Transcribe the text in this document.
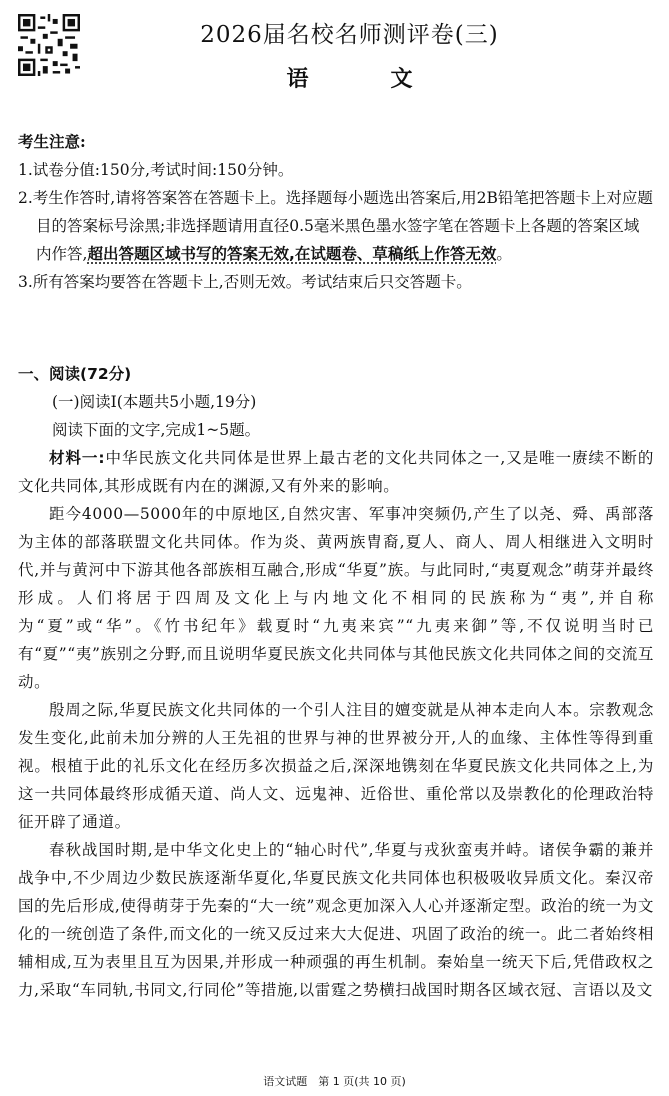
2026届名校名师测评卷(三)
语　文
考生注意:
1.试卷分值:150分,考试时间:150分钟。
2.考生作答时,请将答案答在答题卡上。选择题每小题选出答案后,用2B铅笔把答题卡上对应题目的答案标号涂黑;非选择题请用直径0.5毫米黑色墨水签字笔在答题卡上各题的答案区域内作答,超出答题区域书写的答案无效,在试题卷、草稿纸上作答无效。
3.所有答案均要答在答题卡上,否则无效。考试结束后只交答题卡。
一、阅读(72分)
(一)阅读Ⅰ(本题共5小题,19分)
阅读下面的文字,完成1~5题。
材料一:中华民族文化共同体是世界上最古老的文化共同体之一,又是唯一赓续不断的文化共同体,其形成既有内在的渊源,又有外来的影响。
距今4000—5000年的中原地区,自然灾害、军事冲突频仍,产生了以尧、舜、禹部落为主体的部落联盟文化共同体。作为炎、黄两族胄裔,夏人、商人、周人相继进入文明时代,并与黄河中下游其他各部族相互融合,形成“华夏”族。与此同时,“夷夏观念”萌芽并最终形成。人们将居于四周及文化上与内地文化不相同的民族称为“夷”,并自称为“夏”或“华”。《竹书纪年》载夏时“九夷来宾”“九夷来御”等,不仅说明当时已有“夏”“夷”族别之分野,而且说明华夏民族文化共同体与其他民族文化共同体之间的交流互动。
殷周之际,华夏民族文化共同体的一个引人注目的嬗变就是从神本走向人本。宗教观念发生变化,此前未加分辨的人王先祖的世界与神的世界被分开,人的血缘、主体性等得到重视。根植于此的礼乐文化在经历多次损益之后,深深地镌刻在华夏民族文化共同体之上,为这一共同体最终形成循天道、尚人文、远鬼神、近俗世、重伦常以及崇教化的伦理政治特征开辟了通道。
春秋战国时期,是中华文化史上的“轴心时代”,华夏与戎狄蛮夷并峙。诸侯争霸的兼并战争中,不少周边少数民族逐渐华夏化,华夏民族文化共同体也积极吸收异质文化。秦汉帝国的先后形成,使得萌芽于先秦的“大一统”观念更加深入人心并逐渐定型。政治的统一为文化的一统创造了条件,而文化的一统又反过来大大促进、巩固了政治的统一。此二者始终相辅相成,互为表里且互为因果,并形成一种顽强的再生机制。秦始皇一统天下后,凭借政权之力,采取“车同轨,书同文,行同伦”等措施,以雷霆之势横扫战国时期各区域衣冠、言语以及文
语文试题　第 1 页(共 10 页)
